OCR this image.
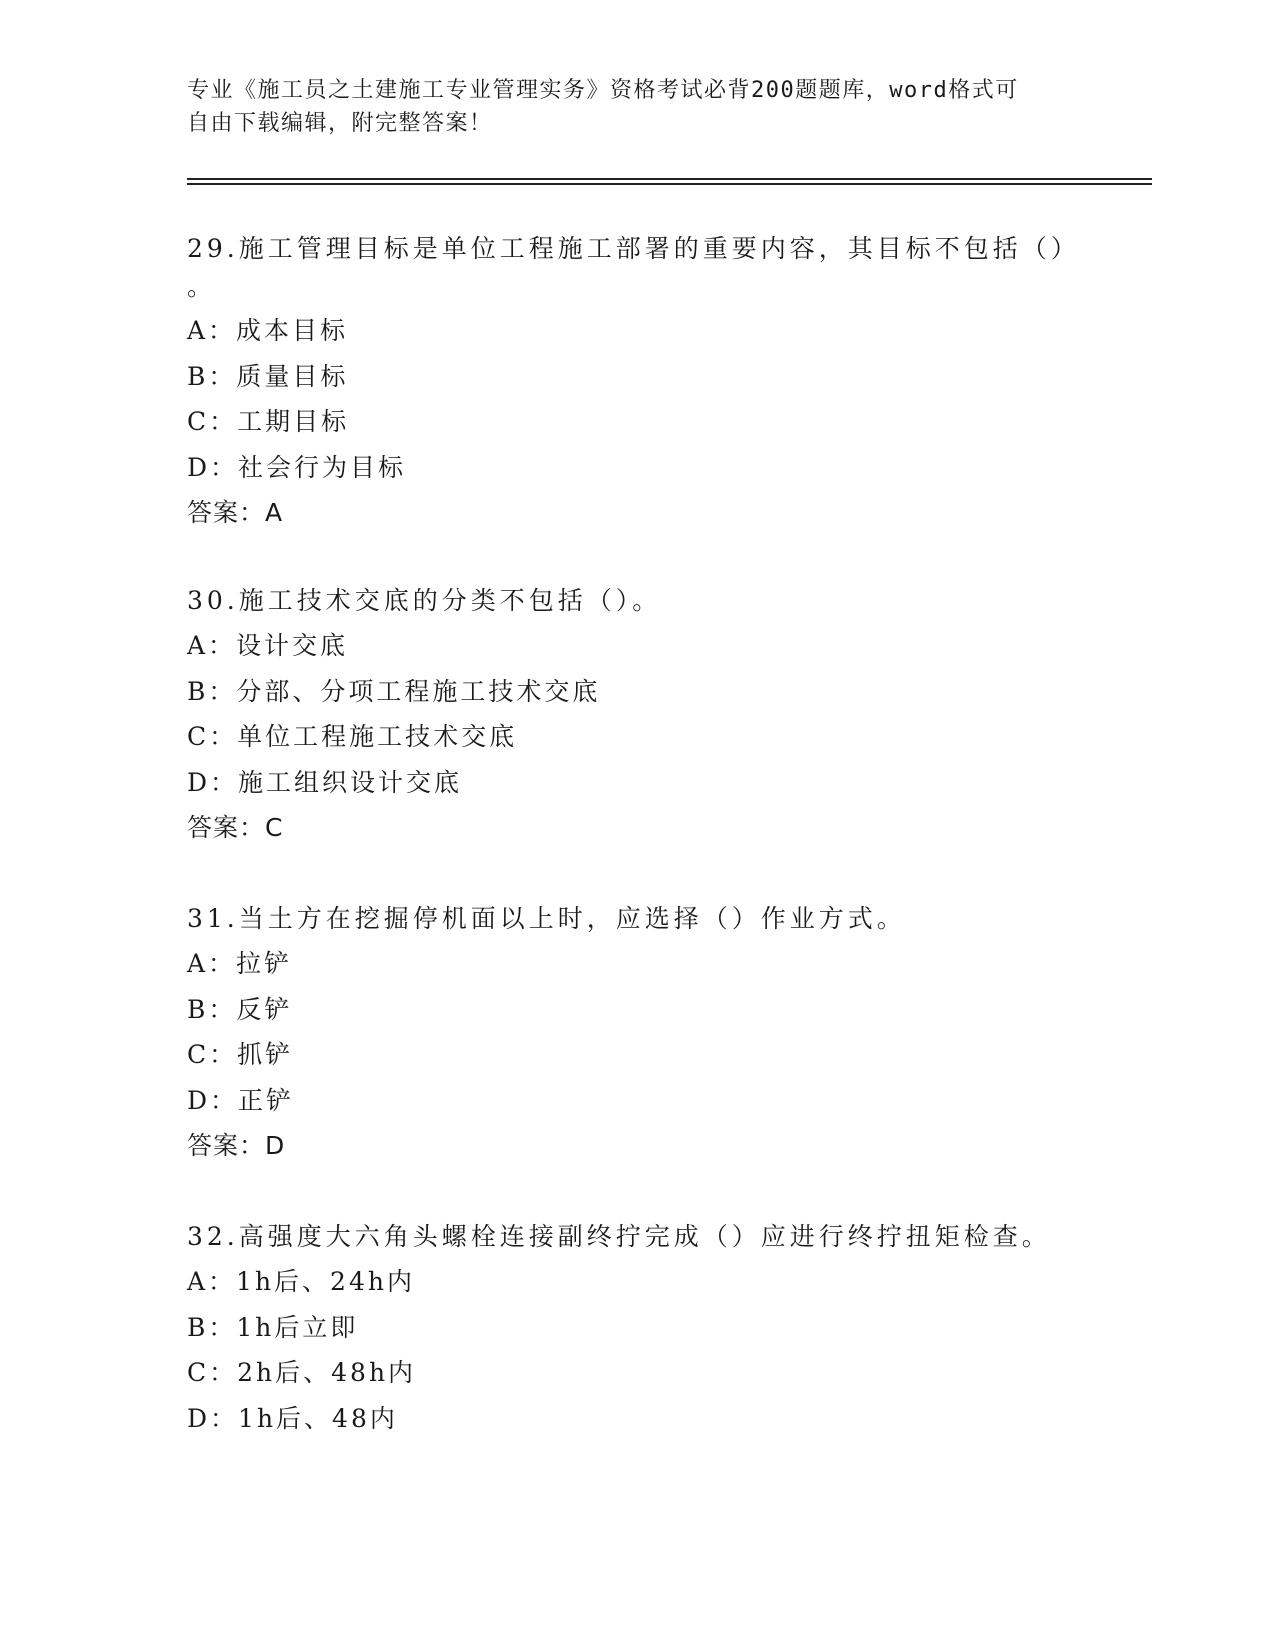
专业《施工员之土建施工专业管理实务》资格考试必背200题题库，word格式可
自由下载编辑，附完整答案！
29.施工管理目标是单位工程施工部署的重要内容，其目标不包括（）
。
A：成本目标
B：质量目标
C：工期目标
D：社会行为目标
答案：A
30.施工技术交底的分类不包括（）。
A：设计交底
B：分部、分项工程施工技术交底
C：单位工程施工技术交底
D：施工组织设计交底
答案：C
31.当土方在挖掘停机面以上时，应选择（）作业方式。
A：拉铲
B：反铲
C：抓铲
D：正铲
答案：D
32.高强度大六角头螺栓连接副终拧完成（）应进行终拧扭矩检查。
A：1h后、24h内
B：1h后立即
C：2h后、48h内
D：1h后、48内
